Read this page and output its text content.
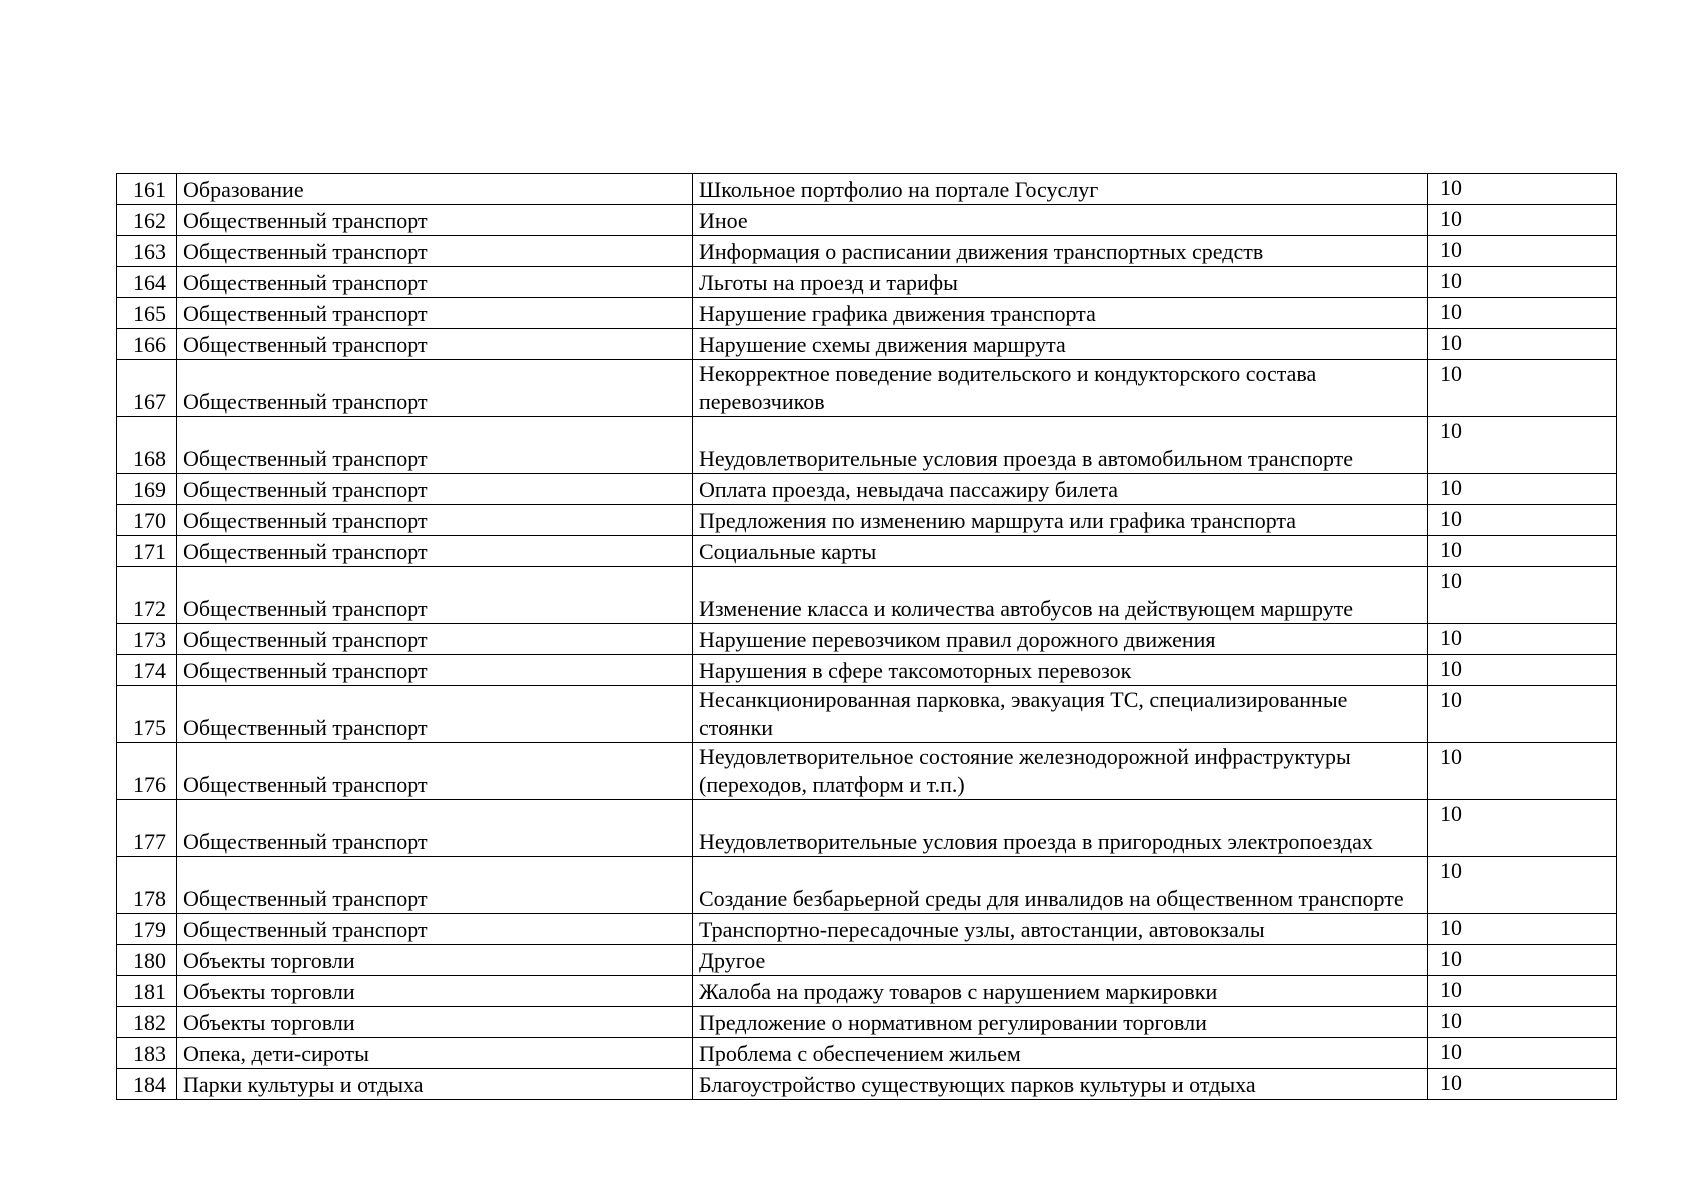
161	Образование	Школьное портфолио на портале Госуслуг	10
162	Общественный транспорт	Иное	10
163	Общественный транспорт	Информация о расписании движения транспортных средств	10
164	Общественный транспорт	Льготы на проезд и тарифы	10
165	Общественный транспорт	Нарушение графика движения транспорта	10
166	Общественный транспорт	Нарушение схемы движения маршрута	10
167	Общественный транспорт	Некорректное поведение водительского и кондукторского состава перевозчиков	10
168	Общественный транспорт	Неудовлетворительные условия проезда в автомобильном транспорте	10
169	Общественный транспорт	Оплата проезда, невыдача пассажиру билета	10
170	Общественный транспорт	Предложения по изменению маршрута или графика транспорта	10
171	Общественный транспорт	Социальные карты	10
172	Общественный транспорт	Изменение класса и количества автобусов на действующем маршруте	10
173	Общественный транспорт	Нарушение перевозчиком правил дорожного движения	10
174	Общественный транспорт	Нарушения в сфере таксомоторных перевозок	10
175	Общественный транспорт	Несанкционированная парковка, эвакуация ТС, специализированные стоянки	10
176	Общественный транспорт	Неудовлетворительное состояние железнодорожной инфраструктуры (переходов, платформ и т.п.)	10
177	Общественный транспорт	Неудовлетворительные условия проезда в пригородных электропоездах	10
178	Общественный транспорт	Создание безбарьерной среды для инвалидов на общественном транспорте	10
179	Общественный транспорт	Транспортно-пересадочные узлы, автостанции, автовокзалы	10
180	Объекты торговли	Другое	10
181	Объекты торговли	Жалоба на продажу товаров с нарушением маркировки	10
182	Объекты торговли	Предложение о нормативном регулировании торговли	10
183	Опека, дети-сироты	Проблема с обеспечением жильем	10
184	Парки культуры и отдыха	Благоустройство существующих парков культуры и отдыха	10
